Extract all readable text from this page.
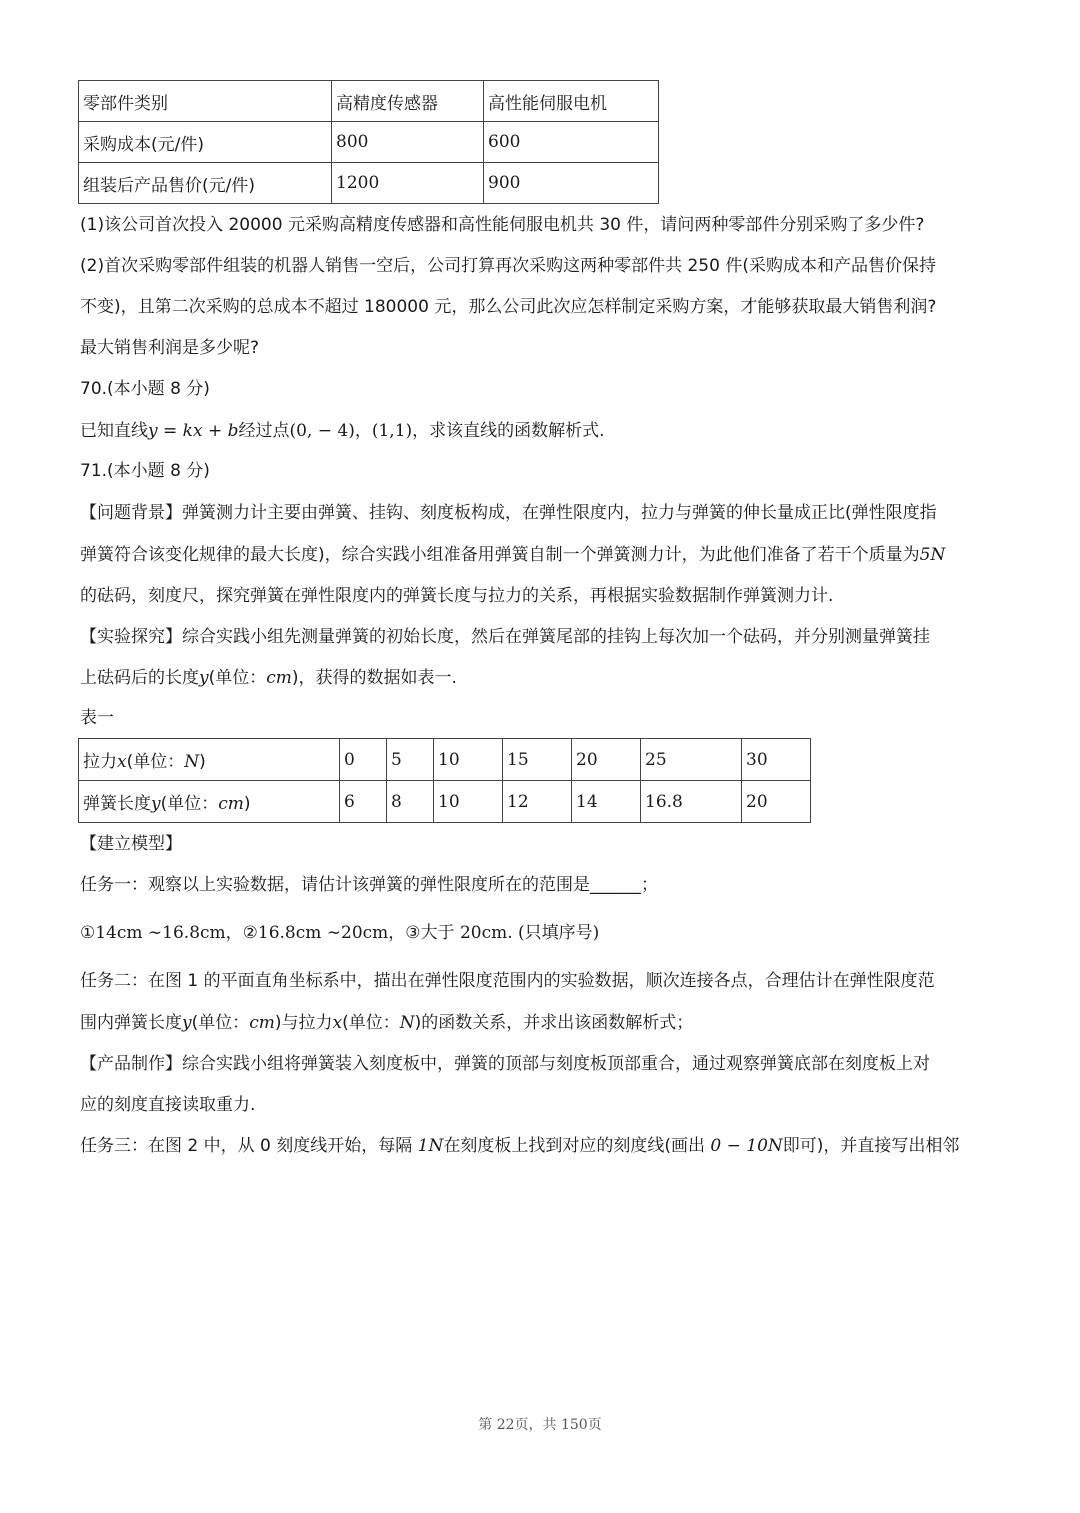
零部件类别	高精度传感器	高性能伺服电机
采购成本(元/件)	800	600
组装后产品售价(元/件)	1200	900
(1)该公司首次投入 20000 元采购高精度传感器和高性能伺服电机共 30 件，请问两种零部件分别采购了多少件?
(2)首次采购零部件组装的机器人销售一空后，公司打算再次采购这两种零部件共 250 件(采购成本和产品售价保持
不变)，且第二次采购的总成本不超过 180000 元，那么公司此次应怎样制定采购方案，才能够获取最大销售利润?
最大销售利润是多少呢?
70.(本小题 8 分)
已知直线y = kx + b经过点(0, − 4)，(1,1)，求该直线的函数解析式.
71.(本小题 8 分)
【问题背景】弹簧测力计主要由弹簧、挂钩、刻度板构成，在弹性限度内，拉力与弹簧的伸长量成正比(弹性限度指
弹簧符合该变化规律的最大长度)，综合实践小组准备用弹簧自制一个弹簧测力计，为此他们准备了若干个质量为5N
的砝码，刻度尺，探究弹簧在弹性限度内的弹簧长度与拉力的关系，再根据实验数据制作弹簧测力计.
【实验探究】综合实践小组先测量弹簧的初始长度，然后在弹簧尾部的挂钩上每次加一个砝码，并分别测量弹簧挂
上砝码后的长度y(单位：cm)，获得的数据如表一.
表一
拉力x(单位：N)	0	5	10	15	20	25	30
弹簧长度y(单位：cm)	6	8	10	12	14	16.8	20
【建立模型】
任务一：观察以上实验数据，请估计该弹簧的弹性限度所在的范围是______；
①14cm ∼16.8cm，②16.8cm ∼20cm，③大于 20cm. (只填序号)
任务二：在图 1 的平面直角坐标系中，描出在弹性限度范围内的实验数据，顺次连接各点，合理估计在弹性限度范
围内弹簧长度y(单位：cm)与拉力x(单位：N)的函数关系，并求出该函数解析式；
【产品制作】综合实践小组将弹簧装入刻度板中，弹簧的顶部与刻度板顶部重合，通过观察弹簧底部在刻度板上对
应的刻度直接读取重力.
任务三：在图 2 中，从 0 刻度线开始，每隔 1N在刻度板上找到对应的刻度线(画出 0 − 10N即可)，并直接写出相邻
第 22页，共 150页
